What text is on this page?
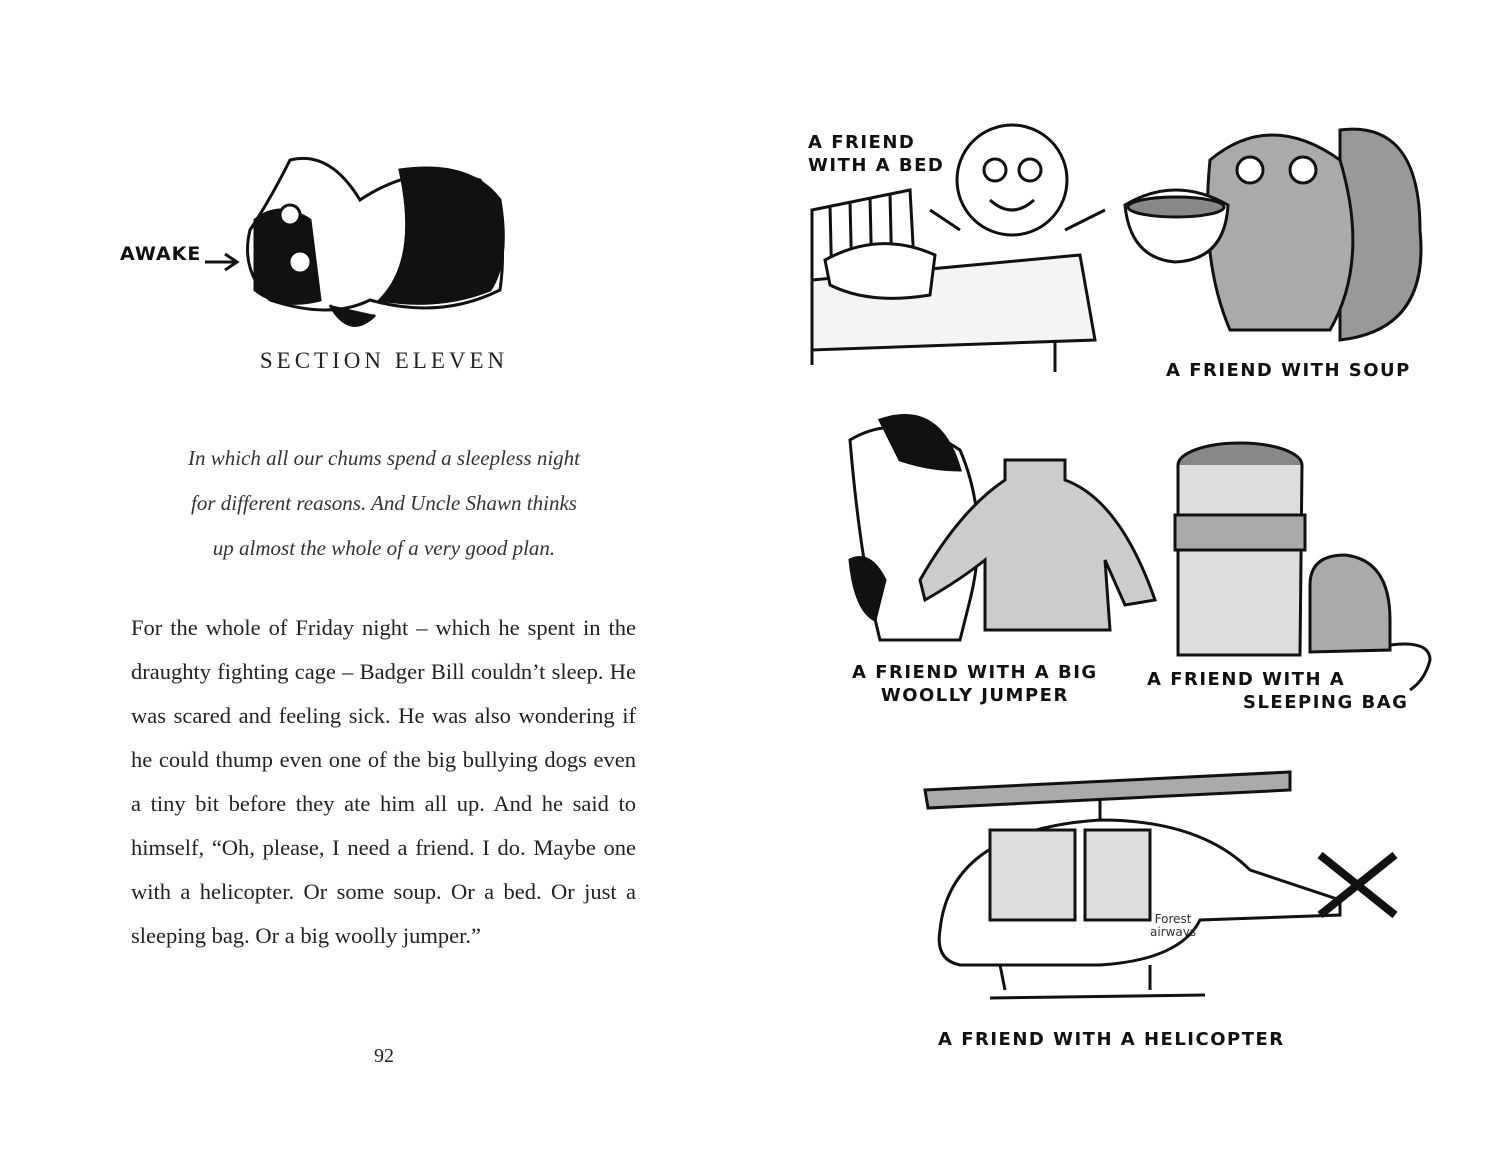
AWAKE
SECTION ELEVEN
In which all our chums spend a sleepless night
for different reasons. And Uncle Shawn thinks
up almost the whole of a very good plan.
For the whole of Friday night – which he spent in the draughty fighting cage – Badger Bill couldn’t sleep. He was scared and feeling sick. He was also wondering if he could thump even one of the big bullying dogs even a tiny bit before they ate him all up. And he said to himself, “Oh, please, I need a friend. I do. Maybe one with a helicopter. Or some soup. Or a bed. Or just a sleeping bag. Or a big woolly jumper.”
92
A FRIEND
WITH A BED
A FRIEND WITH SOUP
A FRIEND WITH A BIG
WOOLLY JUMPER
A FRIEND WITH A
SLEEPING BAG
A FRIEND WITH A HELICOPTER
Forest
airways
